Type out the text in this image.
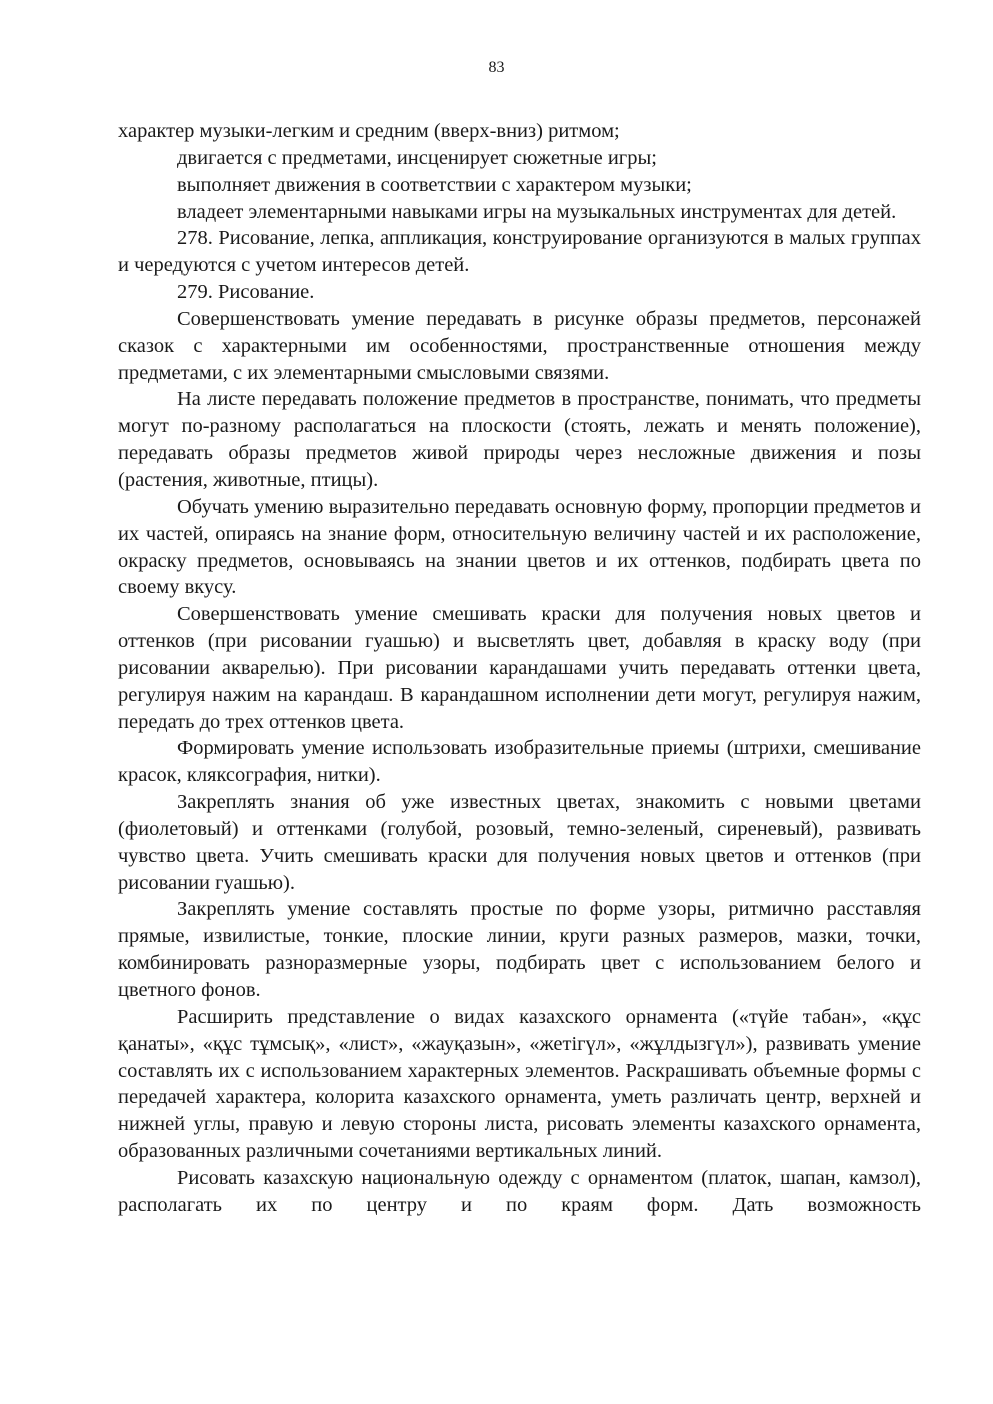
83

характер музыки-легким и средним (вверх-вниз) ритмом;

двигается с предметами, инсценирует сюжетные игры;

выполняет движения в соответствии с характером музыки;

владеет элементарными навыками игры на музыкальных инструментах для детей.

278. Рисование, лепка, аппликация, конструирование организуются в малых группах и чередуются с учетом интересов детей.

279. Рисование.

Совершенствовать умение передавать в рисунке образы предметов, персонажей сказок с характерными им особенностями, пространственные отношения между предметами, с их элементарными смысловыми связями.

На листе передавать положение предметов в пространстве, понимать, что предметы могут по-разному располагаться на плоскости (стоять, лежать и менять положение), передавать образы предметов живой природы через несложные движения и позы (растения, животные, птицы).

Обучать умению выразительно передавать основную форму, пропорции предметов и их частей, опираясь на знание форм, относительную величину частей и их расположение, окраску предметов, основываясь на знании цветов и их оттенков, подбирать цвета по своему вкусу.

Совершенствовать умение смешивать краски для получения новых цветов и оттенков (при рисовании гуашью) и высветлять цвет, добавляя в краску воду (при рисовании акварелью). При рисовании карандашами учить передавать оттенки цвета, регулируя нажим на карандаш. В карандашном исполнении дети могут, регулируя нажим, передать до трех оттенков цвета.

Формировать умение использовать изобразительные приемы (штрихи, смешивание красок, кляксография, нитки).

Закреплять знания об уже известных цветах, знакомить с новыми цветами (фиолетовый) и оттенками (голубой, розовый, темно-зеленый, сиреневый), развивать чувство цвета. Учить смешивать краски для получения новых цветов и оттенков (при рисовании гуашью).

Закреплять умение составлять простые по форме узоры, ритмично расставляя прямые, извилистые, тонкие, плоские линии, круги разных размеров, мазки, точки, комбинировать разноразмерные узоры, подбирать цвет с использованием белого и цветного фонов.

Расширить представление о видах казахского орнамента («түйе табан», «құс қанаты», «құс тұмсық», «лист», «жауқазын», «жетігүл», «жұлдызгүл»), развивать умение составлять их с использованием характерных элементов. Раскрашивать объемные формы с передачей характера, колорита казахского орнамента, уметь различать центр, верхней и нижней углы, правую и левую стороны листа, рисовать элементы казахского орнамента, образованных различными сочетаниями вертикальных линий.

Рисовать казахскую национальную одежду с орнаментом (платок, шапан, камзол), располагать их по центру и по краям форм. Дать возможность
